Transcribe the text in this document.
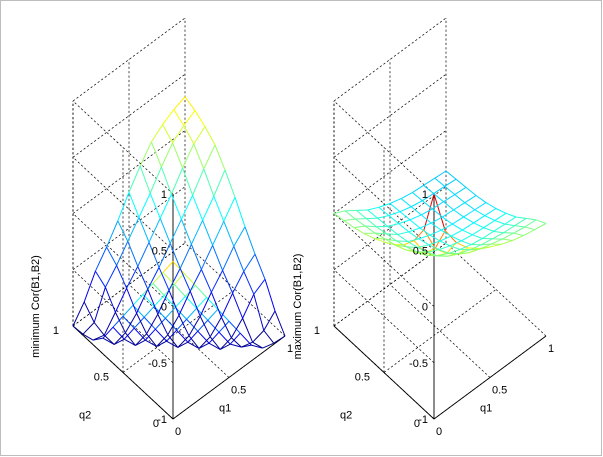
-1
-0.5
0
0.5
1
0
0.5
1
0
0.5
1
q1
q2
minimum Cor(B1,B2)
-1
-0.5
0
0.5
1
0
0.5
1
0
0.5
1
q1
q2
maximum Cor(B1,B2)
